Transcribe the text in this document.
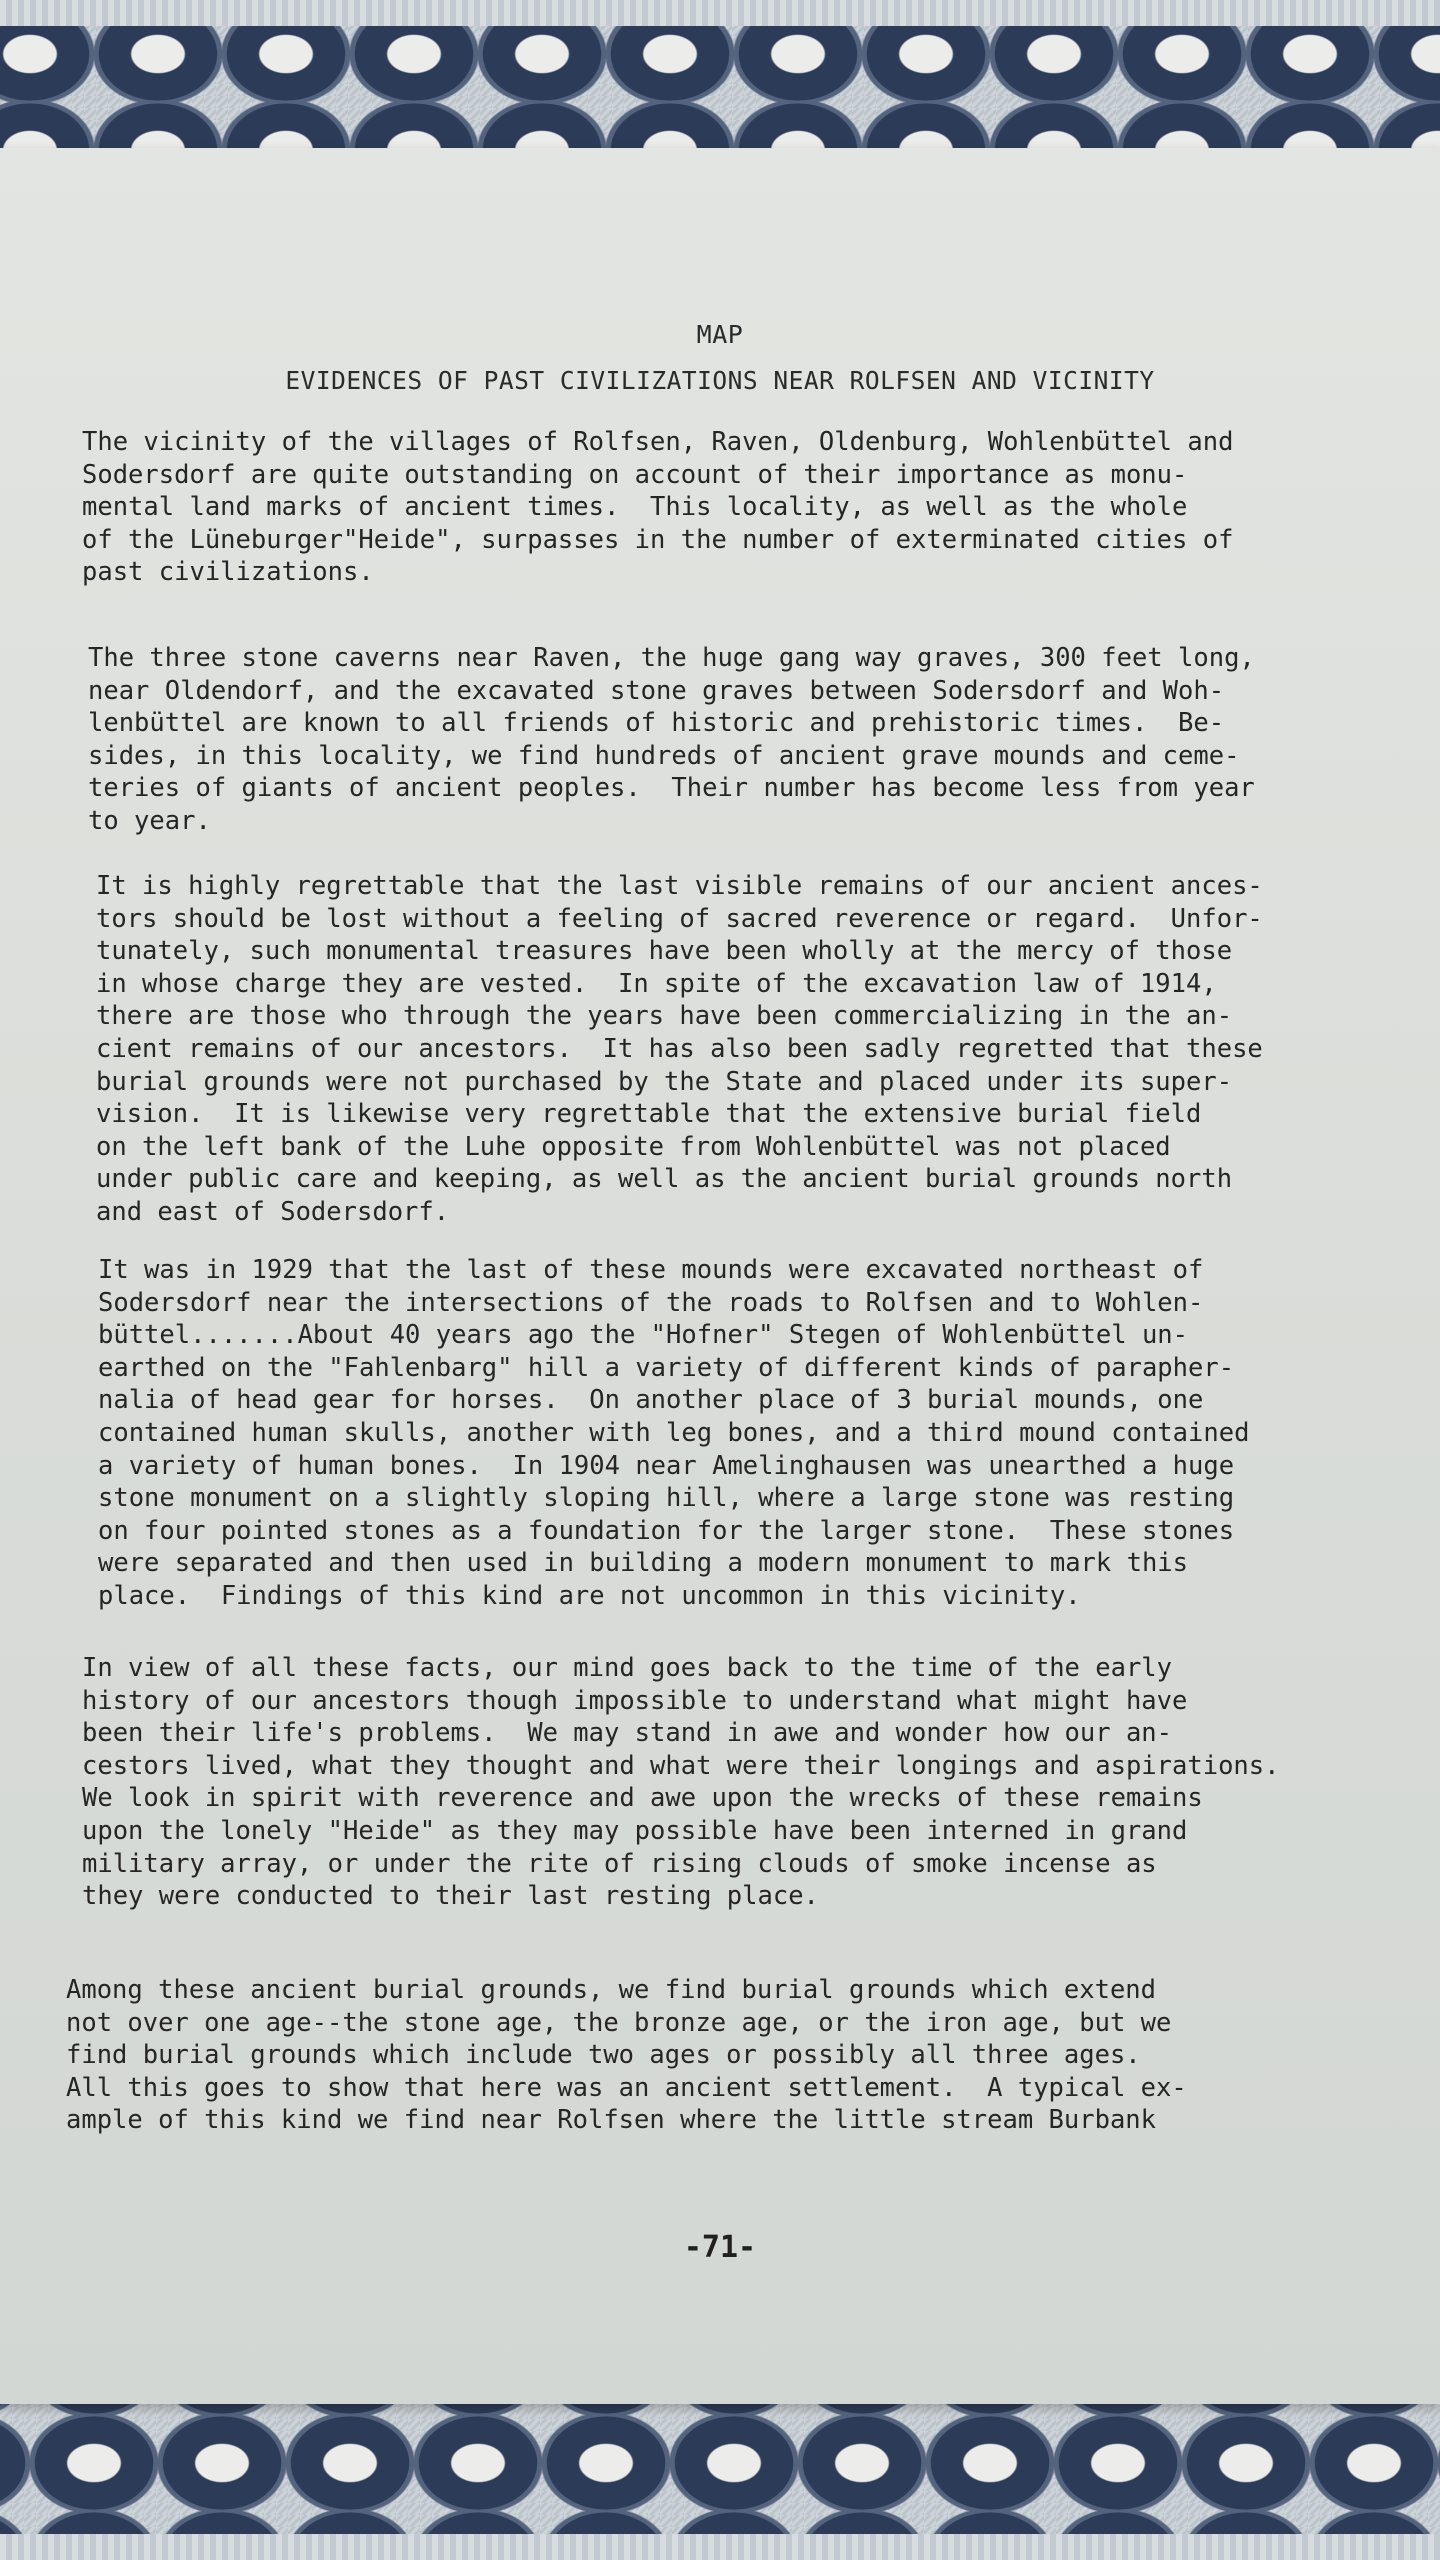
MAP
EVIDENCES OF PAST CIVILIZATIONS NEAR ROLFSEN AND VICINITY

The vicinity of the villages of Rolfsen, Raven, Oldenburg, Wohlenbüttel and
Sodersdorf are quite outstanding on account of their importance as monu-
mental land marks of ancient times.  This locality, as well as the whole
of the Lüneburger"Heide", surpasses in the number of exterminated cities of
past civilizations.

The three stone caverns near Raven, the huge gang way graves, 300 feet long,
near Oldendorf, and the excavated stone graves between Sodersdorf and Woh-
lenbüttel are known to all friends of historic and prehistoric times.  Be-
sides, in this locality, we find hundreds of ancient grave mounds and ceme-
teries of giants of ancient peoples.  Their number has become less from year
to year.

It is highly regrettable that the last visible remains of our ancient ances-
tors should be lost without a feeling of sacred reverence or regard.  Unfor-
tunately, such monumental treasures have been wholly at the mercy of those
in whose charge they are vested.  In spite of the excavation law of 1914,
there are those who through the years have been commercializing in the an-
cient remains of our ancestors.  It has also been sadly regretted that these
burial grounds were not purchased by the State and placed under its super-
vision.  It is likewise very regrettable that the extensive burial field
on the left bank of the Luhe opposite from Wohlenbüttel was not placed
under public care and keeping, as well as the ancient burial grounds north
and east of Sodersdorf.

It was in 1929 that the last of these mounds were excavated northeast of
Sodersdorf near the intersections of the roads to Rolfsen and to Wohlen-
büttel.......About 40 years ago the "Hofner" Stegen of Wohlenbüttel un-
earthed on the "Fahlenbarg" hill a variety of different kinds of parapher-
nalia of head gear for horses.  On another place of 3 burial mounds, one
contained human skulls, another with leg bones, and a third mound contained
a variety of human bones.  In 1904 near Amelinghausen was unearthed a huge
stone monument on a slightly sloping hill, where a large stone was resting
on four pointed stones as a foundation for the larger stone.  These stones
were separated and then used in building a modern monument to mark this
place.  Findings of this kind are not uncommon in this vicinity.

In view of all these facts, our mind goes back to the time of the early
history of our ancestors though impossible to understand what might have
been their life's problems.  We may stand in awe and wonder how our an-
cestors lived, what they thought and what were their longings and aspirations.
We look in spirit with reverence and awe upon the wrecks of these remains
upon the lonely "Heide" as they may possible have been interned in grand
military array, or under the rite of rising clouds of smoke incense as
they were conducted to their last resting place.

Among these ancient burial grounds, we find burial grounds which extend
not over one age--the stone age, the bronze age, or the iron age, but we
find burial grounds which include two ages or possibly all three ages.
All this goes to show that here was an ancient settlement.  A typical ex-
ample of this kind we find near Rolfsen where the little stream Burbank

-71-
